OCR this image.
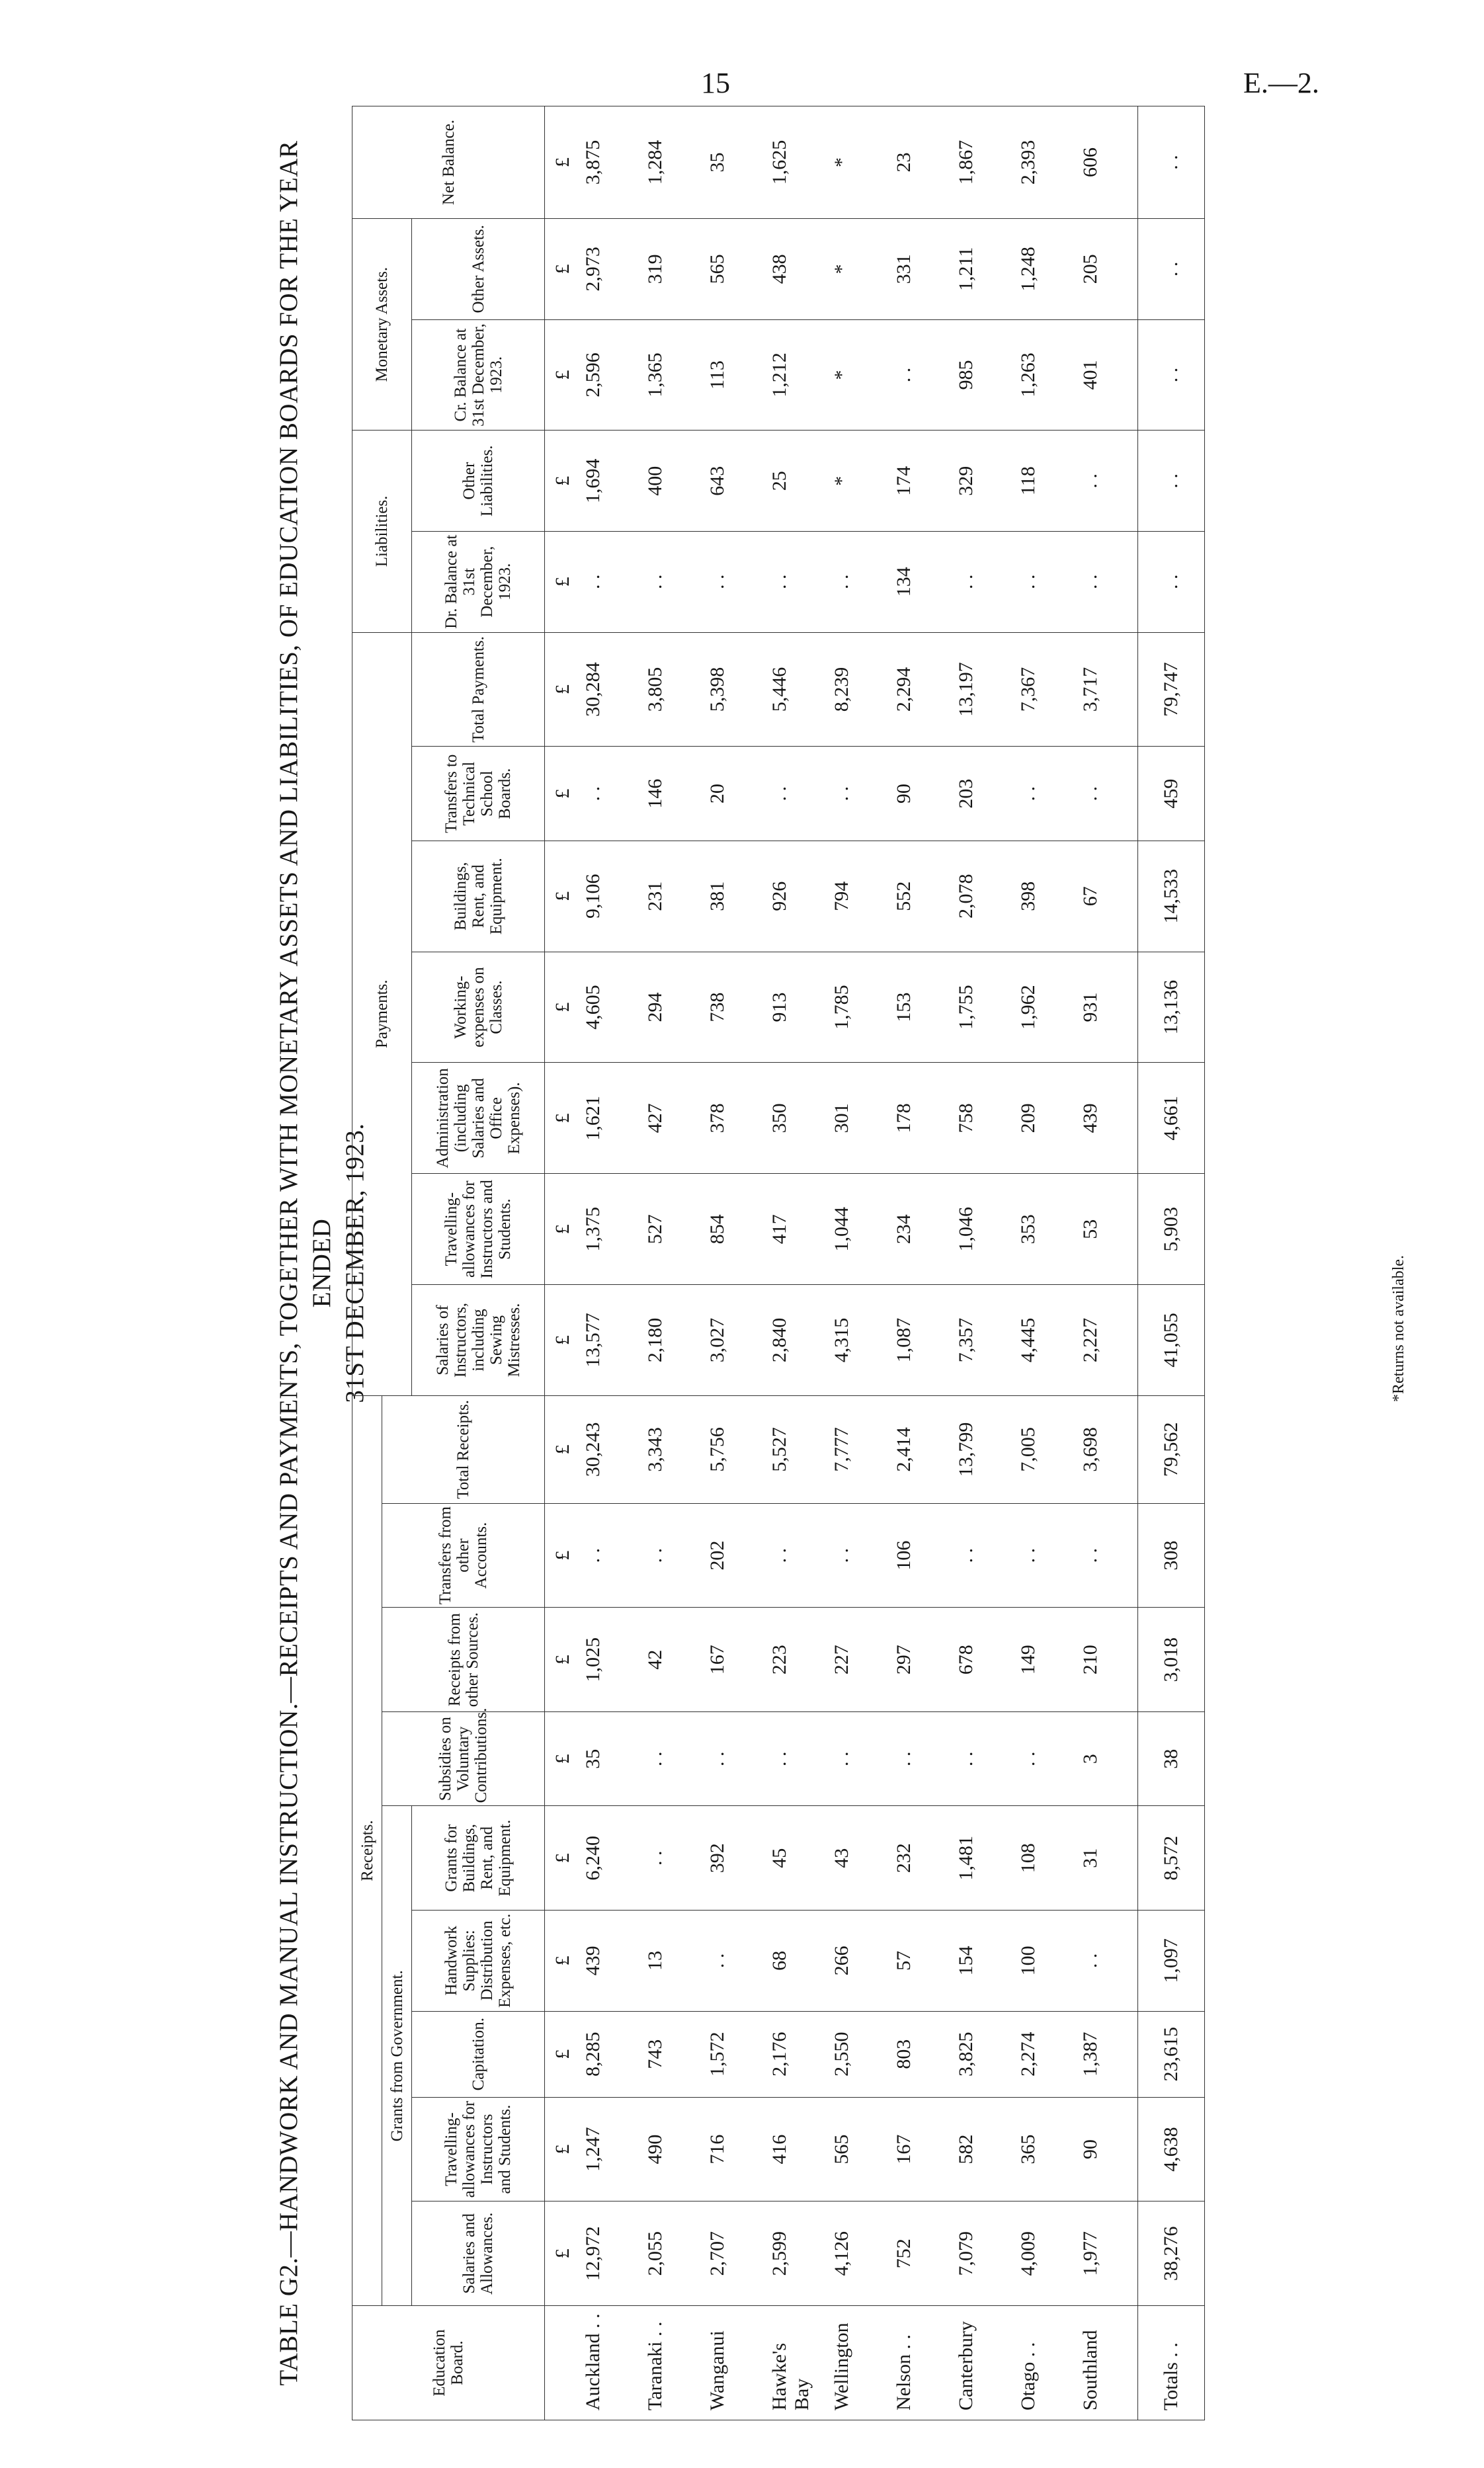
15	E.—2.
TABLE G2.—HANDWORK AND MANUAL INSTRUCTION.—RECEIPTS AND PAYMENTS, TOGETHER WITH MONETARY ASSETS AND LIABILITIES, OF EDUCATION BOARDS FOR THE YEAR ENDED 31ST DECEMBER, 1923.
Education Board.	Receipts.									Payments.							Liabilities.		Monetary Assets.		Net Balance.
	Grants from Government.					Subsidies on Voluntary Contributions.	Receipts from other Sources.	Transfers from other Accounts.	Total Receipts.												
	Salaries and Allowances.	Travelling-allowances for Instructors and Students.	Capitation.	Handwork Supplies: Distribution Expenses, etc.	Grants for Buildings, Rent, and Equipment.					Salaries of Instructors, including Sewing Mistresses.	Travelling-allowances for Instructors and Students.	Administration (including Salaries and Office Expenses).	Working-expenses on Classes.	Buildings, Rent, and Equipment.	Transfers to Technical School Boards.	Total Payments.	Dr. Balance at 31st December, 1923.	Other Liabilities.	Cr. Balance at 31st December, 1923.	Other Assets.	
	£	£	£	£	£	£	£	£	£	£	£	£	£	£	£	£	£	£	£	£	£
Auckland . .	12,972	1,247	8,285	439	6,240	35	1,025	. .	30,243	13,577	1,375	1,621	4,605	9,106	. .	30,284	. .	1,694	2,596	2,973	3,875
Taranaki . .	2,055	490	743	13	. .	. .	42	. .	3,343	2,180	527	427	294	231	146	3,805	. .	400	1,365	319	1,284
Wanganui	2,707	716	1,572	. .	392	. .	167	202	5,756	3,027	854	378	738	381	20	5,398	. .	643	113	565	35
Hawke's Bay	2,599	416	2,176	68	45	. .	223	. .	5,527	2,840	417	350	913	926	. .	5,446	. .	25	1,212	438	1,625
Wellington	4,126	565	2,550	266	43	. .	227	. .	7,777	4,315	1,044	301	1,785	794	. .	8,239	. .	*	*	*	*
Nelson . .	752	167	803	57	232	. .	297	106	2,414	1,087	234	178	153	552	90	2,294	134	174	. .	331	23
Canterbury	7,079	582	3,825	154	1,481	. .	678	. .	13,799	7,357	1,046	758	1,755	2,078	203	13,197	. .	329	985	1,211	1,867
Otago . .	4,009	365	2,274	100	108	. .	149	. .	7,005	4,445	353	209	1,962	398	. .	7,367	. .	118	1,263	1,248	2,393
Southland	1,977	90	1,387	. .	31	3	210	. .	3,698	2,227	53	439	931	67	. .	3,717	. .	. .	401	205	606
Totals . .	38,276	4,638	23,615	1,097	8,572	38	3,018	308	79,562	41,055	5,903	4,661	13,136	14,533	459	79,747	. .	. .	. .	. .	. .
*Returns not available.
